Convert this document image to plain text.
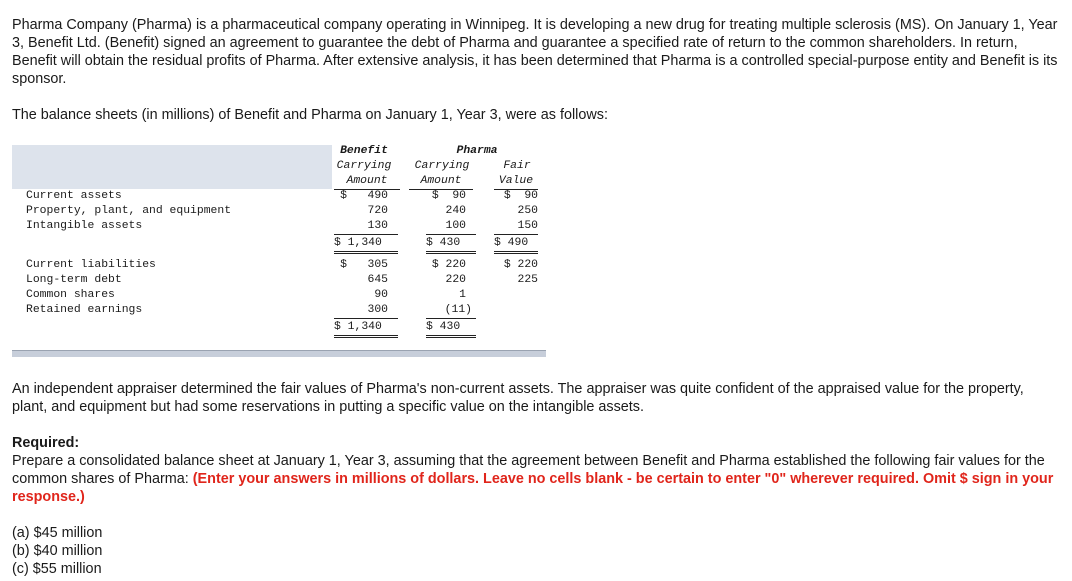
Pharma Company (Pharma) is a pharmaceutical company operating in Winnipeg. It is developing a new drug for treating multiple sclerosis (MS). On January 1, Year 3, Benefit Ltd. (Benefit) signed an agreement to guarantee the debt of Pharma and guarantee a specified rate of return to the common shareholders. In return, Benefit will obtain the residual profits of Pharma. After extensive analysis, it has been determined that Pharma is a controlled special-purpose entity and Benefit is its sponsor.
The balance sheets (in millions) of Benefit and Pharma on January 1, Year 3, were as follows:
Benefit	Pharma
Carrying	Carrying	Fair
Amount	Amount	Value
Current assets	$   490	$  90	$  90
Property, plant, and equipment	720	240	250
Intangible assets	130	100	150
$ 1,340	$ 430	$ 490
Current liabilities	$   305	$ 220	$ 220
Long-term debt	645	220	225
Common shares	90	1
Retained earnings	300	(11)
$ 1,340	$ 430
An independent appraiser determined the fair values of Pharma's non-current assets. The appraiser was quite confident of the appraised value for the property, plant, and equipment but had some reservations in putting a specific value on the intangible assets.
Required:
Prepare a consolidated balance sheet at January 1, Year 3, assuming that the agreement between Benefit and Pharma established the following fair values for the common shares of Pharma: (Enter your answers in millions of dollars. Leave no cells blank - be certain to enter "0" wherever required. Omit $ sign in your response.)
(a) $45 million
(b) $40 million
(c) $55 million
